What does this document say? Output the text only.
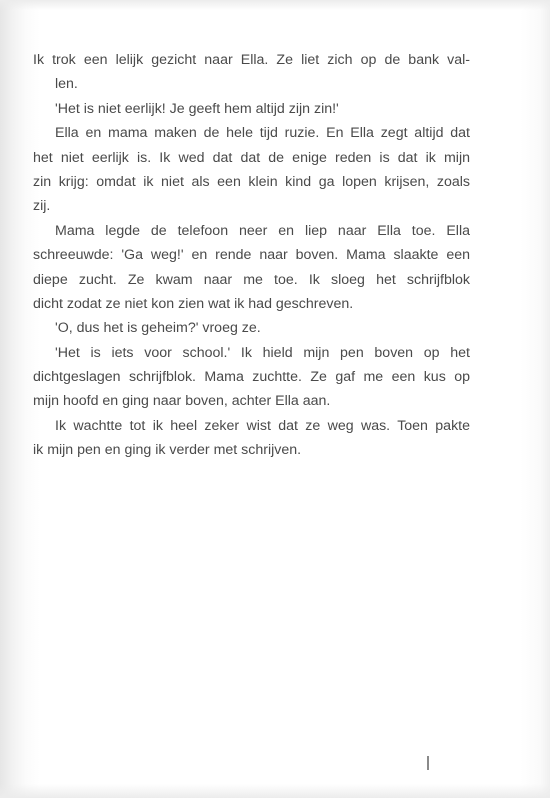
Ik trok een lelijk gezicht naar Ella. Ze liet zich op de bank val-
len.
'Het is niet eerlijk! Je geeft hem altijd zijn zin!'
Ella en mama maken de hele tijd ruzie. En Ella zegt altijd dat
het niet eerlijk is. Ik wed dat dat de enige reden is dat ik mijn
zin krijg: omdat ik niet als een klein kind ga lopen krijsen, zoals
zij.
Mama legde de telefoon neer en liep naar Ella toe. Ella
schreeuwde: 'Ga weg!' en rende naar boven. Mama slaakte een
diepe zucht. Ze kwam naar me toe. Ik sloeg het schrijfblok
dicht zodat ze niet kon zien wat ik had geschreven.
'O, dus het is geheim?' vroeg ze.
'Het is iets voor school.' Ik hield mijn pen boven op het
dichtgeslagen schrijfblok. Mama zuchtte. Ze gaf me een kus op
mijn hoofd en ging naar boven, achter Ella aan.
Ik wachtte tot ik heel zeker wist dat ze weg was. Toen pakte
ik mijn pen en ging ik verder met schrijven.
